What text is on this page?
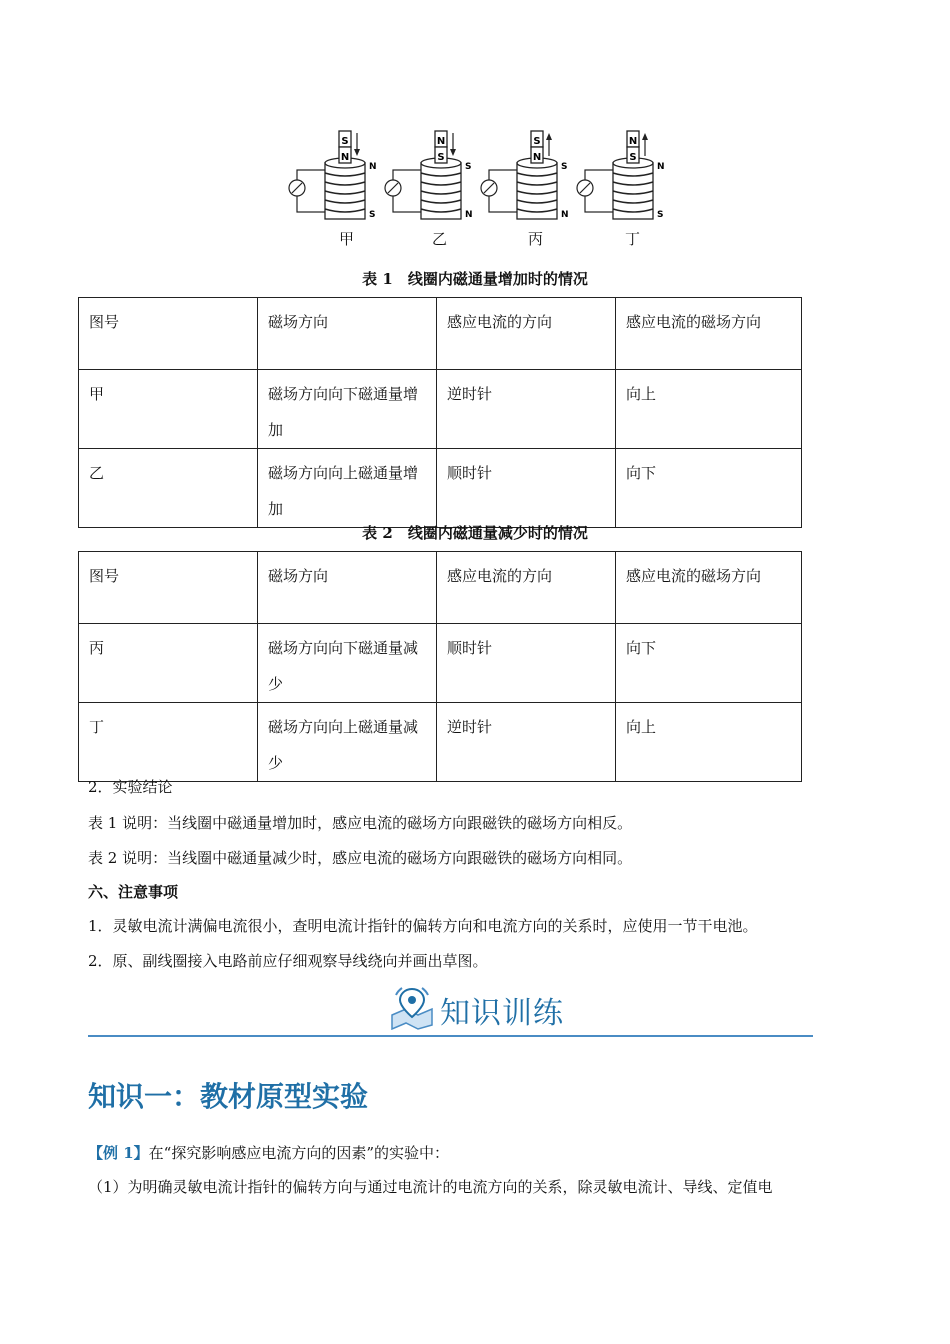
S
N
N
S
N
S
S
N
S
N
S
N
N
S
N
S
甲	乙	丙	丁
表 1　线圈内磁通量增加时的情况
图号	磁场方向	感应电流的方向	感应电流的磁场方向
甲	磁场方向向下磁通量增加	逆时针	向上
乙	磁场方向向上磁通量增加	顺时针	向下
表 2　线圈内磁通量减少时的情况
图号	磁场方向	感应电流的方向	感应电流的磁场方向
丙	磁场方向向下磁通量减少	顺时针	向下
丁	磁场方向向上磁通量减少	逆时针	向上
2．实验结论
表 1 说明：当线圈中磁通量增加时，感应电流的磁场方向跟磁铁的磁场方向相反。
表 2 说明：当线圈中磁通量减少时，感应电流的磁场方向跟磁铁的磁场方向相同。
六、注意事项
1．灵敏电流计满偏电流很小，查明电流计指针的偏转方向和电流方向的关系时，应使用一节干电池。
2．原、副线圈接入电路前应仔细观察导线绕向并画出草图。
知识训练
知识一：教材原型实验
【例 1】在“探究影响感应电流方向的因素”的实验中：
（1）为明确灵敏电流计指针的偏转方向与通过电流计的电流方向的关系，除灵敏电流计、导线、定值电
